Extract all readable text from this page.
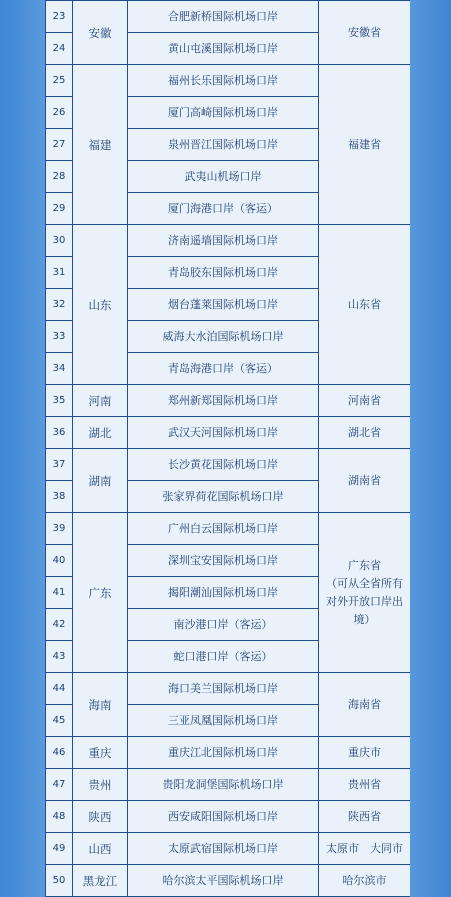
23	安徽	合肥新桥国际机场口岸	安徽省
24		黄山屯溪国际机场口岸	
25	福建	福州长乐国际机场口岸	福建省
26		厦门高崎国际机场口岸	
27		泉州晋江国际机场口岸	
28		武夷山机场口岸	
29		厦门海港口岸（客运）	
30	山东	济南遥墙国际机场口岸	山东省
31		青岛胶东国际机场口岸	
32		烟台蓬莱国际机场口岸	
33		威海大水泊国际机场口岸	
34		青岛海港口岸（客运）	
35	河南	郑州新郑国际机场口岸	河南省
36	湖北	武汉天河国际机场口岸	湖北省
37	湖南	长沙黄花国际机场口岸	湖南省
38		张家界荷花国际机场口岸	
39	广东	广州白云国际机场口岸	广东省
（可从全省所有对外开放口岸出境）

40		深圳宝安国际机场口岸	
41		揭阳潮汕国际机场口岸	
42		南沙港口岸（客运）	
43		蛇口港口岸（客运）	
44	海南	海口美兰国际机场口岸	海南省
45		三亚凤凰国际机场口岸	
46	重庆	重庆江北国际机场口岸	重庆市
47	贵州	贵阳龙洞堡国际机场口岸	贵州省
48	陕西	西安咸阳国际机场口岸	陕西省
49	山西	太原武宿国际机场口岸	太原市　大同市
50	黑龙江	哈尔滨太平国际机场口岸	哈尔滨市
